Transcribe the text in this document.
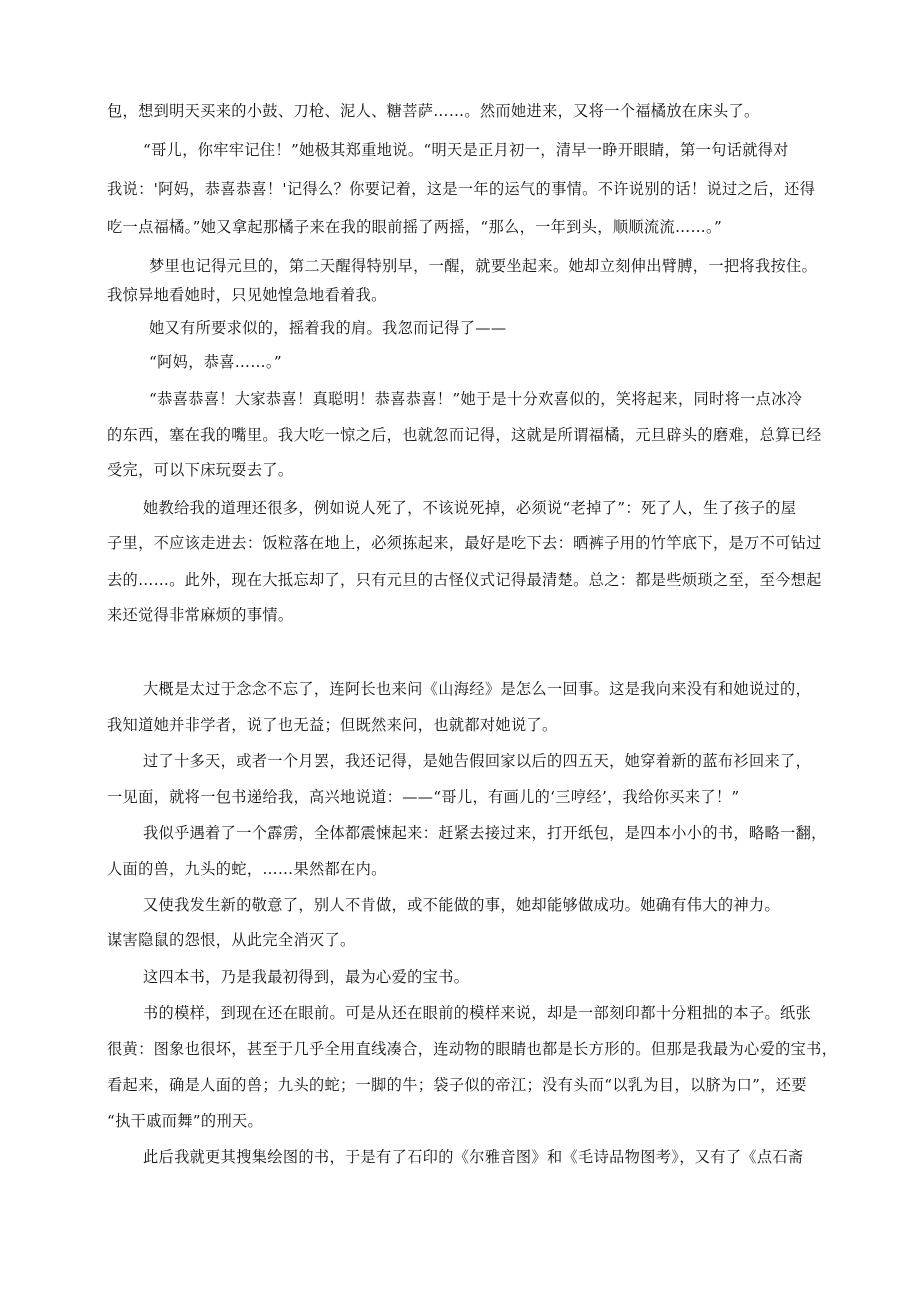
包，想到明天买来的小鼓、刀枪、泥人、糖菩萨……。然而她进来，又将一个福橘放在床头了。
“哥儿，你牢牢记住！”她极其郑重地说。“明天是正月初一，清早一睁开眼睛，第一句话就得对
我说：'阿妈，恭喜恭喜！'记得么？你要记着，这是一年的运气的事情。不许说别的话！说过之后，还得
吃一点福橘。”她又拿起那橘子来在我的眼前摇了两摇，“那么，一年到头，顺顺流流……。”
梦里也记得元旦的，第二天醒得特别早，一醒，就要坐起来。她却立刻伸出臂膊，一把将我按住。
我惊异地看她时，只见她惶急地看着我。
她又有所要求似的，摇着我的肩。我忽而记得了——
“阿妈，恭喜……。”
“恭喜恭喜！大家恭喜！真聪明！恭喜恭喜！”她于是十分欢喜似的，笑将起来，同时将一点冰冷
的东西，塞在我的嘴里。我大吃一惊之后，也就忽而记得，这就是所谓福橘，元旦辟头的磨难，总算已经
受完，可以下床玩耍去了。
她教给我的道理还很多，例如说人死了，不该说死掉，必须说“老掉了”：死了人，生了孩子的屋
子里，不应该走进去：饭粒落在地上，必须拣起来，最好是吃下去：晒裤子用的竹竿底下，是万不可钻过
去的……。此外，现在大抵忘却了，只有元旦的古怪仪式记得最清楚。总之：都是些烦琐之至，至今想起
来还觉得非常麻烦的事情。
大概是太过于念念不忘了，连阿长也来问《山海经》是怎么一回事。这是我向来没有和她说过的，
我知道她并非学者，说了也无益；但既然来问，也就都对她说了。
过了十多天，或者一个月罢，我还记得，是她告假回家以后的四五天，她穿着新的蓝布衫回来了，
一见面，就将一包书递给我，高兴地说道：——“哥儿，有画儿的‘三哼经’，我给你买来了！”
我似乎遇着了一个霹雳，全体都震悚起来：赶紧去接过来，打开纸包，是四本小小的书，略略一翻，
人面的兽，九头的蛇，……果然都在内。
又使我发生新的敬意了，别人不肯做，或不能做的事，她却能够做成功。她确有伟大的神力。
谋害隐鼠的怨恨，从此完全消灭了。
这四本书，乃是我最初得到，最为心爱的宝书。
书的模样，到现在还在眼前。可是从还在眼前的模样来说，却是一部刻印都十分粗拙的本子。纸张
很黄：图象也很坏，甚至于几乎全用直线凑合，连动物的眼睛也都是长方形的。但那是我最为心爱的宝书，
看起来，确是人面的兽；九头的蛇；一脚的牛；袋子似的帝江；没有头而“以乳为目，以脐为口”，还要
“执干戚而舞”的刑天。
此后我就更其搜集绘图的书，于是有了石印的《尔雅音图》和《毛诗品物图考》，又有了《点石斋
